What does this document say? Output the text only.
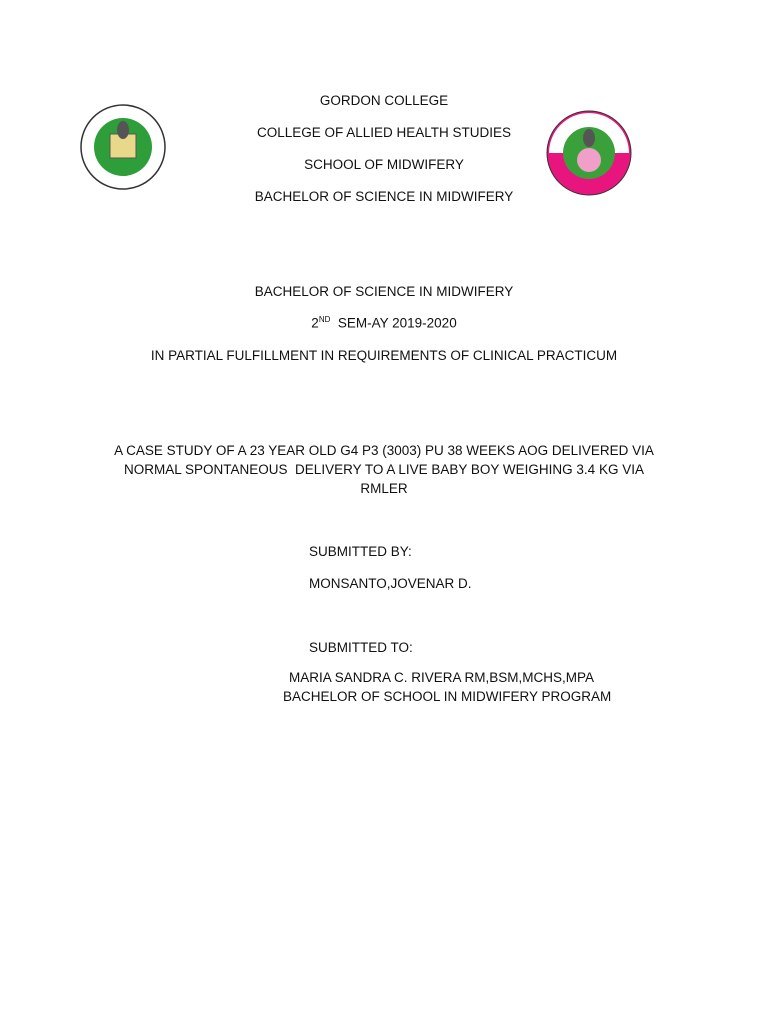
GORDON COLLEGE
COLLEGE OF ALLIED HEALTH STUDIES
SCHOOL OF MIDWIFERY
BACHELOR OF SCIENCE IN MIDWIFERY
BACHELOR OF SCIENCE IN MIDWIFERY
2ND  SEM-AY 2019-2020
IN PARTIAL FULFILLMENT IN REQUIREMENTS OF CLINICAL PRACTICUM
A CASE STUDY OF A 23 YEAR OLD G4 P3 (3003) PU 38 WEEKS AOG DELIVERED VIA
NORMAL SPONTANEOUS  DELIVERY TO A LIVE BABY BOY WEIGHING 3.4 KG VIA
RMLER
SUBMITTED BY:
MONSANTO,JOVENAR D.
SUBMITTED TO:
MARIA SANDRA C. RIVERA RM,BSM,MCHS,MPA
BACHELOR OF SCHOOL IN MIDWIFERY PROGRAM
